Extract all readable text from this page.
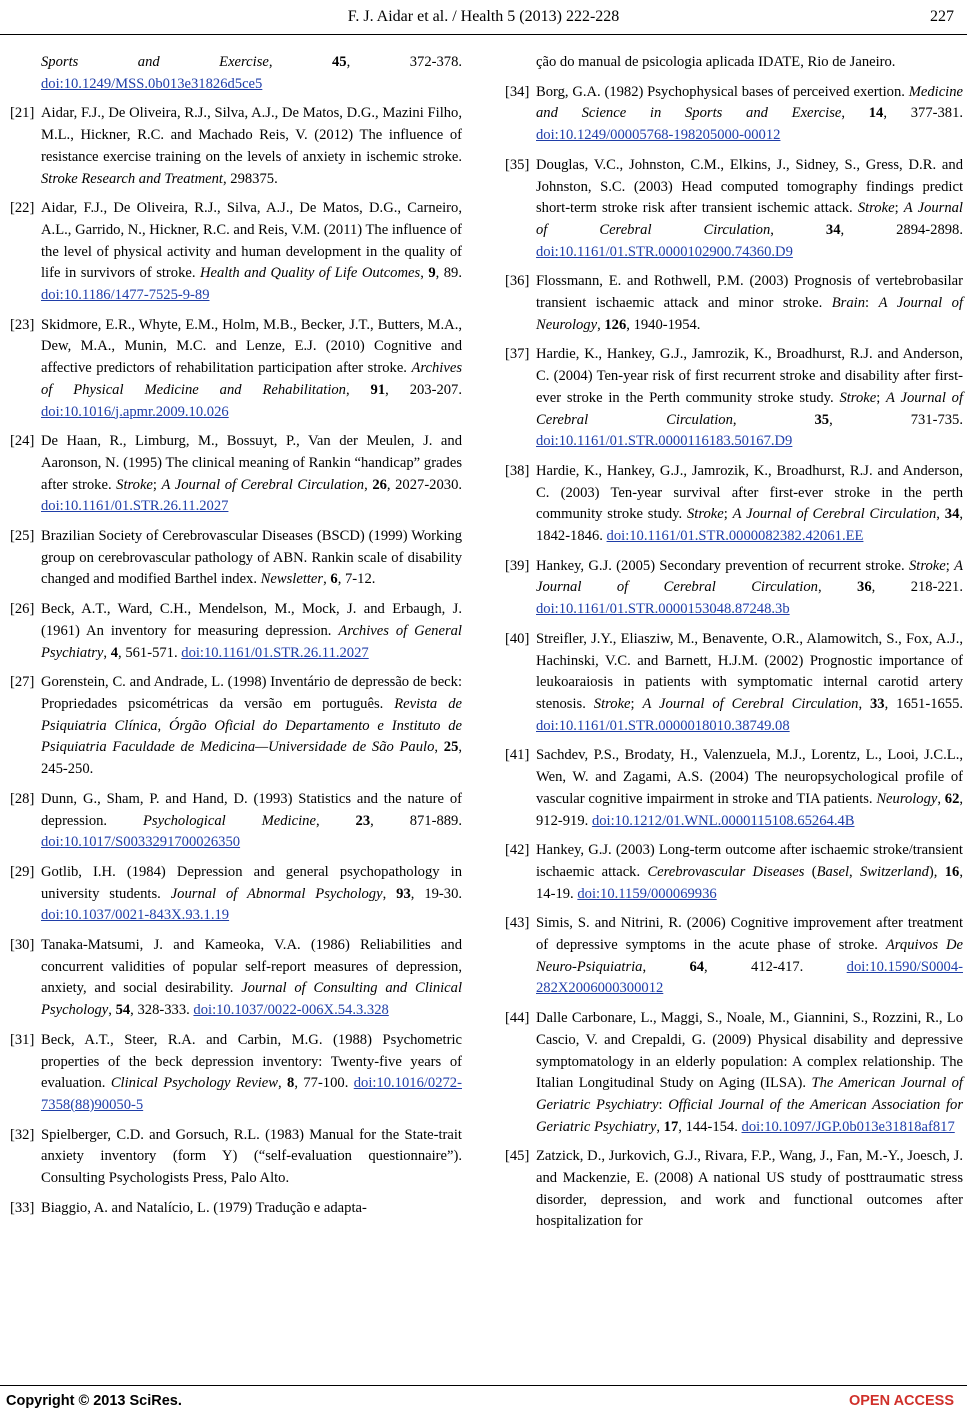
F. J. Aidar et al. / Health 5 (2013) 222-228	227
Sports and Exercise, 45, 372-378. doi:10.1249/MSS.0b013e31826d5ce5
[21] Aidar, F.J., De Oliveira, R.J., Silva, A.J., De Matos, D.G., Mazini Filho, M.L., Hickner, R.C. and Machado Reis, V. (2012) The influence of resistance exercise training on the levels of anxiety in ischemic stroke. Stroke Research and Treatment, 298375.
[22] Aidar, F.J., De Oliveira, R.J., Silva, A.J., De Matos, D.G., Carneiro, A.L., Garrido, N., Hickner, R.C. and Reis, V.M. (2011) The influence of the level of physical activity and human development in the quality of life in survivors of stroke. Health and Quality of Life Outcomes, 9, 89. doi:10.1186/1477-7525-9-89
[23] Skidmore, E.R., Whyte, E.M., Holm, M.B., Becker, J.T., Butters, M.A., Dew, M.A., Munin, M.C. and Lenze, E.J. (2010) Cognitive and affective predictors of rehabilitation participation after stroke. Archives of Physical Medicine and Rehabilitation, 91, 203-207. doi:10.1016/j.apmr.2009.10.026
[24] De Haan, R., Limburg, M., Bossuyt, P., Van der Meulen, J. and Aaronson, N. (1995) The clinical meaning of Rankin “handicap” grades after stroke. Stroke; A Journal of Cerebral Circulation, 26, 2027-2030. doi:10.1161/01.STR.26.11.2027
[25] Brazilian Society of Cerebrovascular Diseases (BSCD) (1999) Working group on cerebrovascular pathology of ABN. Rankin scale of disability changed and modified Barthel index. Newsletter, 6, 7-12.
[26] Beck, A.T., Ward, C.H., Mendelson, M., Mock, J. and Erbaugh, J. (1961) An inventory for measuring depression. Archives of General Psychiatry, 4, 561-571. doi:10.1161/01.STR.26.11.2027
[27] Gorenstein, C. and Andrade, L. (1998) Inventário de depressão de beck: Propriedades psicométricas da versão em português. Revista de Psiquiatria Clínica, Órgão Oficial do Departamento e Instituto de Psiquiatria Faculdade de Medicina—Universidade de São Paulo, 25, 245-250.
[28] Dunn, G., Sham, P. and Hand, D. (1993) Statistics and the nature of depression. Psychological Medicine, 23, 871-889. doi:10.1017/S0033291700026350
[29] Gotlib, I.H. (1984) Depression and general psychopathology in university students. Journal of Abnormal Psychology, 93, 19-30. doi:10.1037/0021-843X.93.1.19
[30] Tanaka-Matsumi, J. and Kameoka, V.A. (1986) Reliabilities and concurrent validities of popular self-report measures of depression, anxiety, and social desirability. Journal of Consulting and Clinical Psychology, 54, 328-333. doi:10.1037/0022-006X.54.3.328
[31] Beck, A.T., Steer, R.A. and Carbin, M.G. (1988) Psychometric properties of the beck depression inventory: Twenty-five years of evaluation. Clinical Psychology Review, 8, 77-100. doi:10.1016/0272-7358(88)90050-5
[32] Spielberger, C.D. and Gorsuch, R.L. (1983) Manual for the State-trait anxiety inventory (form Y) (“self-evaluation questionnaire”). Consulting Psychologists Press, Palo Alto.
[33] Biaggio, A. and Natalício, L. (1979) Tradução e adapta-
ção do manual de psicologia aplicada IDATE, Rio de Janeiro.
[34] Borg, G.A. (1982) Psychophysical bases of perceived exertion. Medicine and Science in Sports and Exercise, 14, 377-381. doi:10.1249/00005768-198205000-00012
[35] Douglas, V.C., Johnston, C.M., Elkins, J., Sidney, S., Gress, D.R. and Johnston, S.C. (2003) Head computed tomography findings predict short-term stroke risk after transient ischemic attack. Stroke; A Journal of Cerebral Circulation, 34, 2894-2898. doi:10.1161/01.STR.0000102900.74360.D9
[36] Flossmann, E. and Rothwell, P.M. (2003) Prognosis of vertebrobasilar transient ischaemic attack and minor stroke. Brain: A Journal of Neurology, 126, 1940-1954.
[37] Hardie, K., Hankey, G.J., Jamrozik, K., Broadhurst, R.J. and Anderson, C. (2004) Ten-year risk of first recurrent stroke and disability after first-ever stroke in the Perth community stroke study. Stroke; A Journal of Cerebral Circulation, 35, 731-735. doi:10.1161/01.STR.0000116183.50167.D9
[38] Hardie, K., Hankey, G.J., Jamrozik, K., Broadhurst, R.J. and Anderson, C. (2003) Ten-year survival after first-ever stroke in the perth community stroke study. Stroke; A Journal of Cerebral Circulation, 34, 1842-1846. doi:10.1161/01.STR.0000082382.42061.EE
[39] Hankey, G.J. (2005) Secondary prevention of recurrent stroke. Stroke; A Journal of Cerebral Circulation, 36, 218-221. doi:10.1161/01.STR.0000153048.87248.3b
[40] Streifler, J.Y., Eliasziw, M., Benavente, O.R., Alamowitch, S., Fox, A.J., Hachinski, V.C. and Barnett, H.J.M. (2002) Prognostic importance of leukoaraiosis in patients with symptomatic internal carotid artery stenosis. Stroke; A Journal of Cerebral Circulation, 33, 1651-1655. doi:10.1161/01.STR.0000018010.38749.08
[41] Sachdev, P.S., Brodaty, H., Valenzuela, M.J., Lorentz, L., Looi, J.C.L., Wen, W. and Zagami, A.S. (2004) The neuropsychological profile of vascular cognitive impairment in stroke and TIA patients. Neurology, 62, 912-919. doi:10.1212/01.WNL.0000115108.65264.4B
[42] Hankey, G.J. (2003) Long-term outcome after ischaemic stroke/transient ischaemic attack. Cerebrovascular Diseases (Basel, Switzerland), 16, 14-19. doi:10.1159/000069936
[43] Simis, S. and Nitrini, R. (2006) Cognitive improvement after treatment of depressive symptoms in the acute phase of stroke. Arquivos De Neuro-Psiquiatria, 64, 412-417. doi:10.1590/S0004-282X2006000300012
[44] Dalle Carbonare, L., Maggi, S., Noale, M., Giannini, S., Rozzini, R., Lo Cascio, V. and Crepaldi, G. (2009) Physical disability and depressive symptomatology in an elderly population: A complex relationship. The Italian Longitudinal Study on Aging (ILSA). The American Journal of Geriatric Psychiatry: Official Journal of the American Association for Geriatric Psychiatry, 17, 144-154. doi:10.1097/JGP.0b013e31818af817
[45] Zatzick, D., Jurkovich, G.J., Rivara, F.P., Wang, J., Fan, M.-Y., Joesch, J. and Mackenzie, E. (2008) A national US study of posttraumatic stress disorder, depression, and work and functional outcomes after hospitalization for
Copyright © 2013 SciRes.	OPEN ACCESS
